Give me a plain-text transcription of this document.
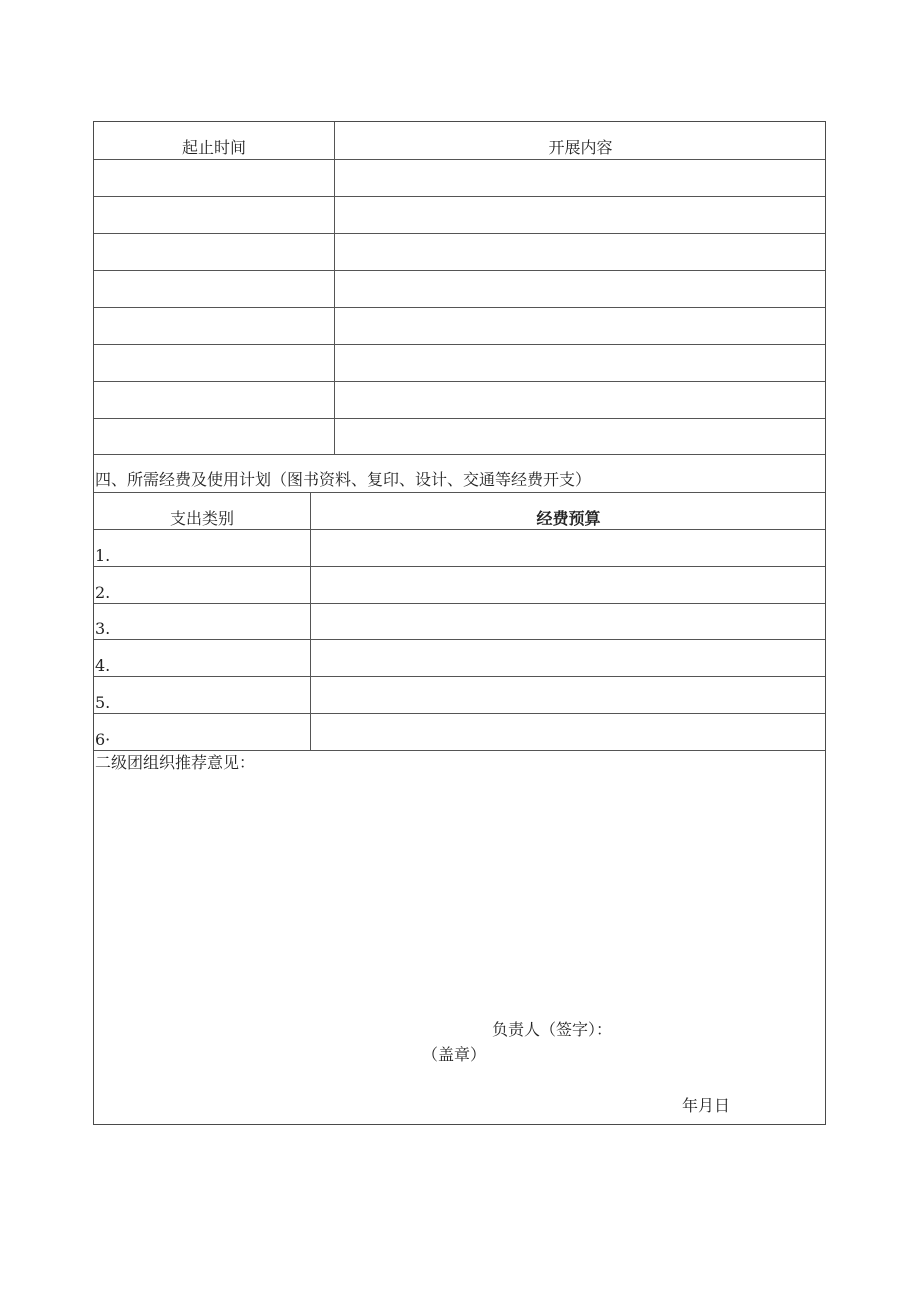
起止时间	开展内容
四、所需经费及使用计划（图书资料、复印、设计、交通等经费开支）
支出类别	经费预算
1.
2.
3.
4.
5.
6·
二级团组织推荐意见：
负责人（签字）：
（盖章）
年月日
